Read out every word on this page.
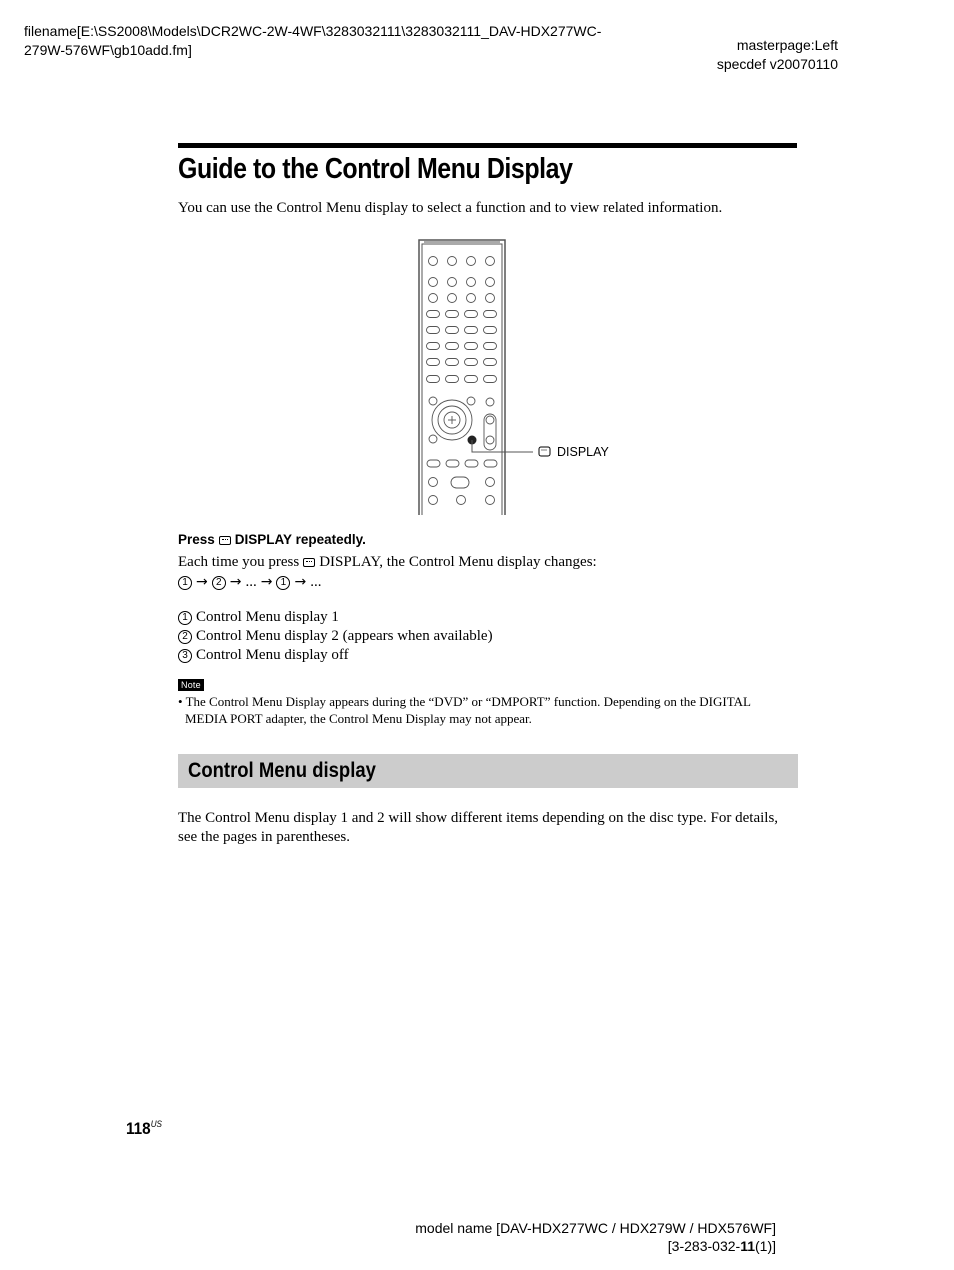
filename[E:\SS2008\Models\DCR2WC-2W-4WF\3283032111\3283032111_DAV-HDX277WC-
279W-576WF\gb10add.fm]	masterpage:Left
specdef v20070110
Guide to the Control Menu Display
You can use the Control Menu display to select a function and to view related information.
DISPLAY
Press DISPLAY repeatedly.
Each time you press DISPLAY, the Control Menu display changes:
1 → 2 → ... → 1 → ...
1 Control Menu display 1
2 Control Menu display 2 (appears when available)
3 Control Menu display off
Note
• The Control Menu Display appears during the “DVD” or “DMPORT” function. Depending on the DIGITAL MEDIA PORT adapter, the Control Menu Display may not appear.
Control Menu display
The Control Menu display 1 and 2 will show different items depending on the disc type. For details, see the pages in parentheses.
$118^{US}$
model name [DAV-HDX277WC / HDX279W / HDX576WF]
[3-283-032-11(1)]
